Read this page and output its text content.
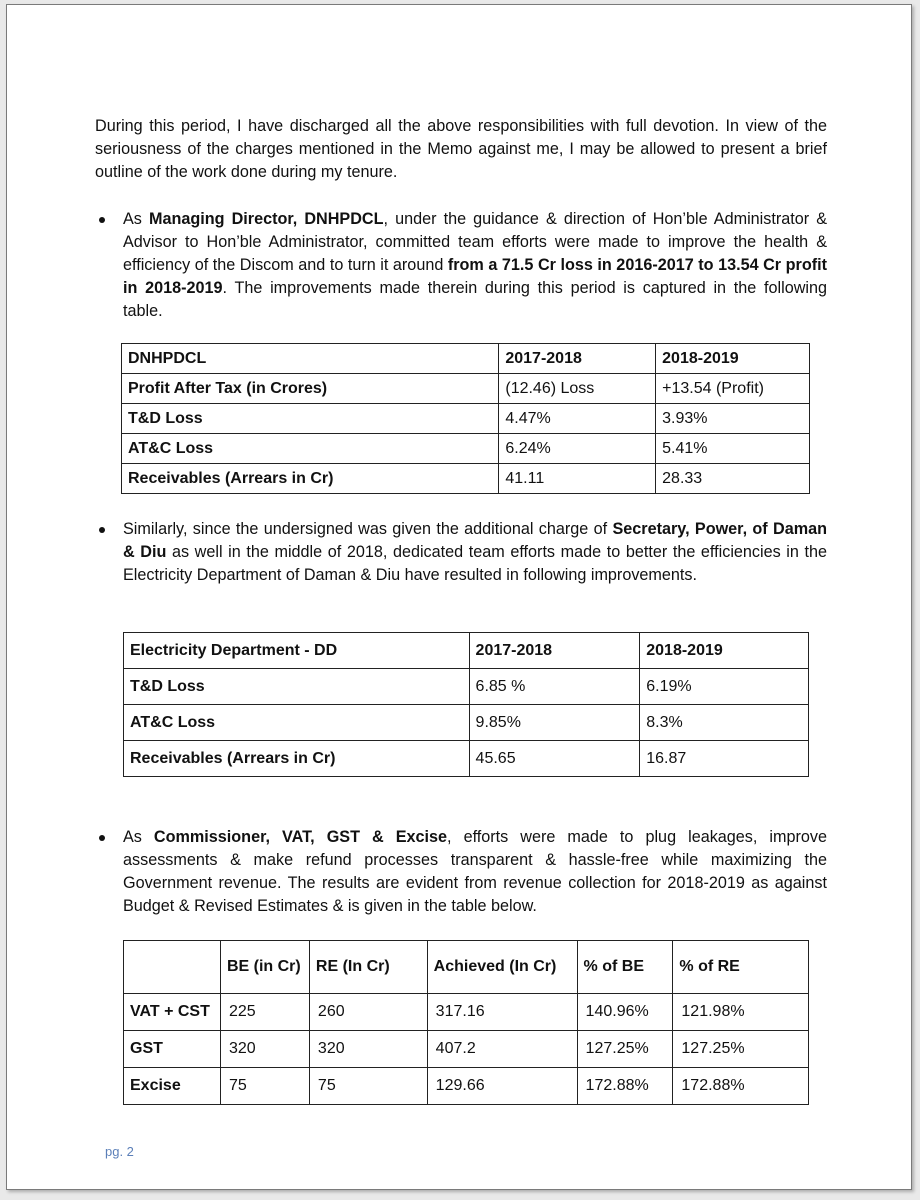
During this period, I have discharged all the above responsibilities with full devotion. In view of the seriousness of the charges mentioned in the Memo against me, I may be allowed to present a brief outline of the work done during my tenure.

As Managing Director, DNHPDCL, under the guidance & direction of Hon’ble Administrator & Advisor to Hon’ble Administrator, committed team efforts were made to improve the health & efficiency of the Discom and to turn it around from a 71.5 Cr loss in 2016-2017 to 13.54 Cr profit in 2018-2019. The improvements made therein during this period is captured in the following table.

DNHPDCL	2017-2018	2018-2019
Profit After Tax (in Crores)	(12.46) Loss	+13.54 (Profit)
T&D Loss	4.47%	3.93%
AT&C Loss	6.24%	5.41%
Receivables (Arrears in Cr)	41.11	28.33

Similarly, since the undersigned was given the additional charge of Secretary, Power, of Daman & Diu as well in the middle of 2018, dedicated team efforts made to better the efficiencies in the Electricity Department of Daman & Diu have resulted in following improvements.

Electricity Department - DD	2017-2018	2018-2019
T&D Loss	6.85 %	6.19%
AT&C Loss	9.85%	8.3%
Receivables (Arrears in Cr)	45.65	16.87

As Commissioner, VAT, GST & Excise, efforts were made to plug leakages, improve assessments & make refund processes transparent & hassle-free while maximizing the Government revenue. The results are evident from revenue collection for 2018-2019 as against Budget & Revised Estimates & is given in the table below.

	BE (in Cr)	RE (In Cr)	Achieved (In Cr)	% of BE	% of RE
VAT + CST	225	260	317.16	140.96%	121.98%
GST	320	320	407.2	127.25%	127.25%
Excise	75	75	129.66	172.88%	172.88%
pg. 2
